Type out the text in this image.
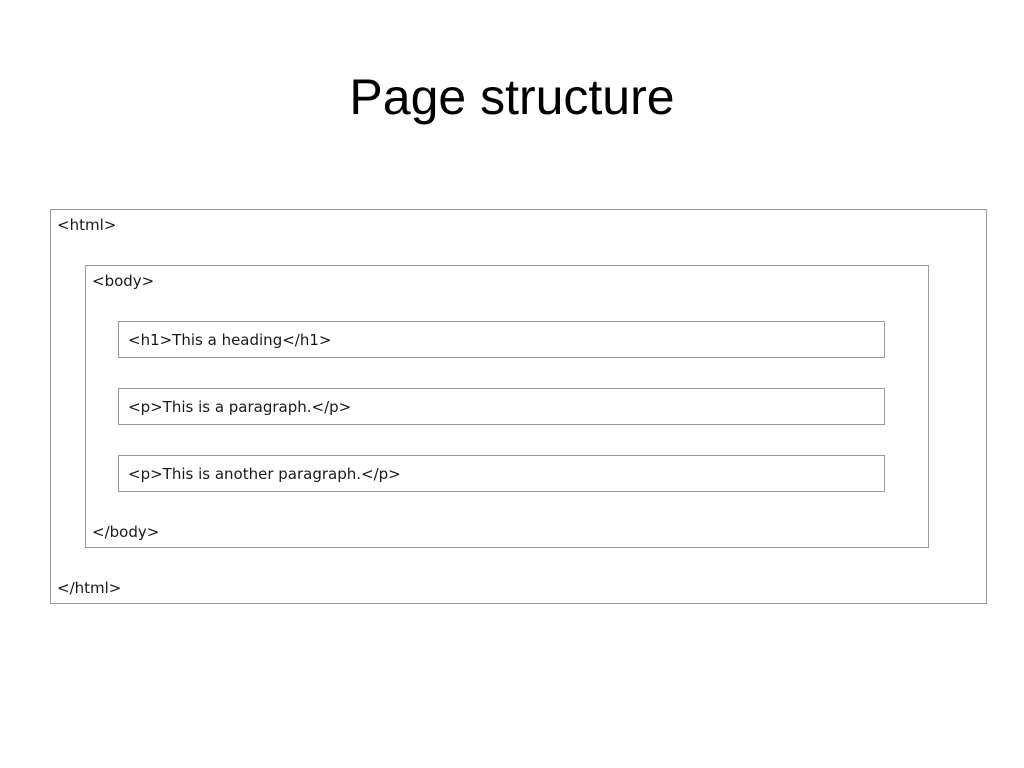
Page structure
<html>
<body>
<h1>This a heading</h1>
<p>This is a paragraph.</p>
<p>This is another paragraph.</p>
</body>
</html>
